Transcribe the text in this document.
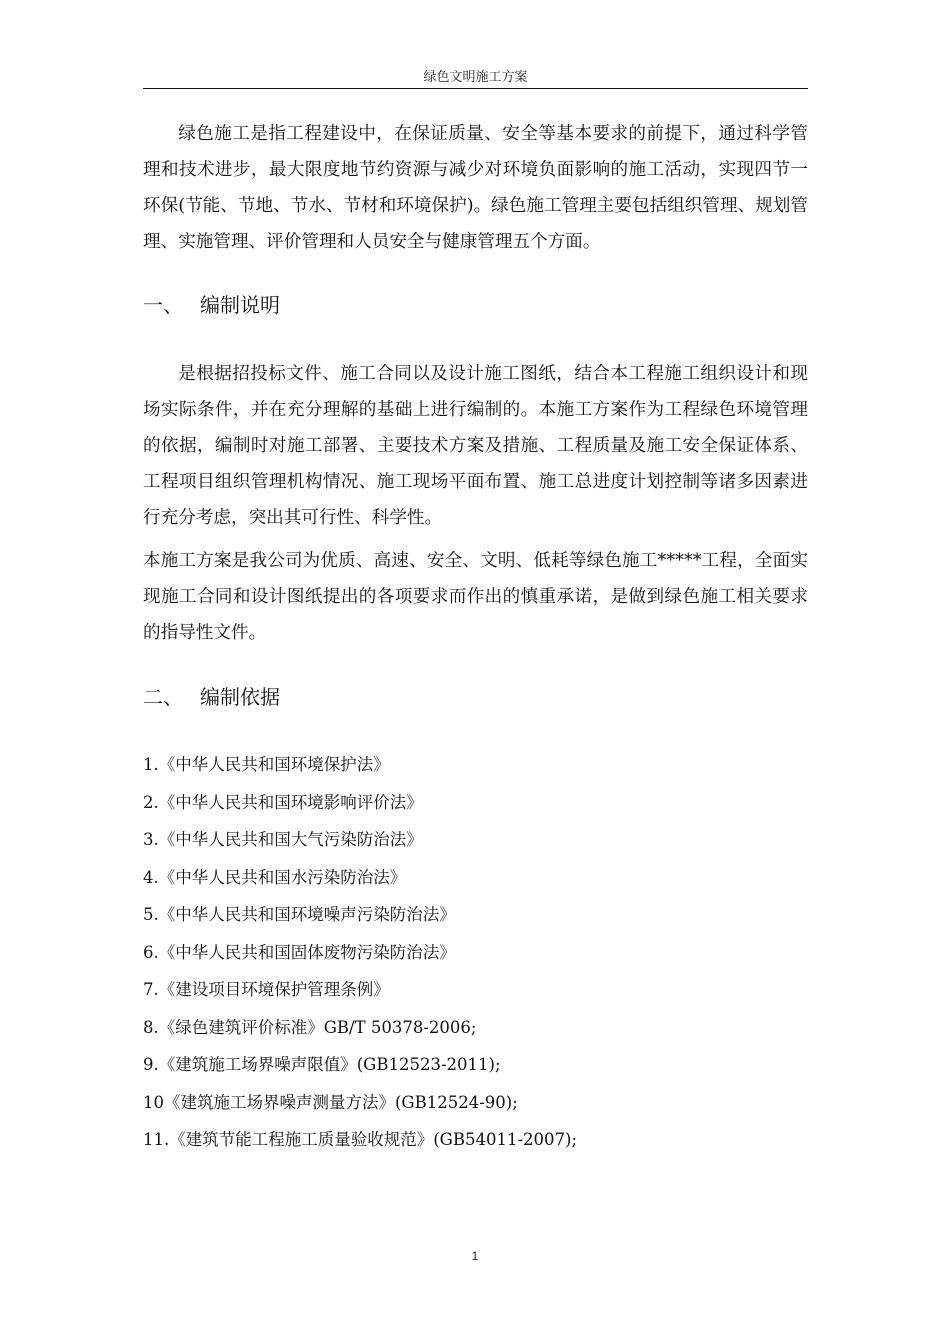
绿色文明施工方案

绿色施工是指工程建设中，在保证质量、安全等基本要求的前提下，通过科学管理和技术进步，最大限度地节约资源与减少对环境负面影响的施工活动，实现四节一环保(节能、节地、节水、节材和环境保护)。绿色施工管理主要包括组织管理、规划管理、实施管理、评价管理和人员安全与健康管理五个方面。

一、 编制说明

是根据招投标文件、施工合同以及设计施工图纸，结合本工程施工组织设计和现场实际条件，并在充分理解的基础上进行编制的。本施工方案作为工程绿色环境管理的依据，编制时对施工部署、主要技术方案及措施、工程质量及施工安全保证体系、工程项目组织管理机构情况、施工现场平面布置、施工总进度计划控制等诸多因素进行充分考虑，突出其可行性、科学性。

本施工方案是我公司为优质、高速、安全、文明、低耗等绿色施工*****工程，全面实现施工合同和设计图纸提出的各项要求而作出的慎重承诺，是做到绿色施工相关要求的指导性文件。

二、 编制依据
1.《中华人民共和国环境保护法》
2.《中华人民共和国环境影响评价法》
3.《中华人民共和国大气污染防治法》
4.《中华人民共和国水污染防治法》
5.《中华人民共和国环境噪声污染防治法》
6.《中华人民共和国固体废物污染防治法》
7.《建设项目环境保护管理条例》
8.《绿色建筑评价标准》GB/T 50378-2006;
9.《建筑施工场界噪声限值》(GB12523-2011);
10《建筑施工场界噪声测量方法》(GB12524-90);
11.《建筑节能工程施工质量验收规范》(GB54011-2007);
1
